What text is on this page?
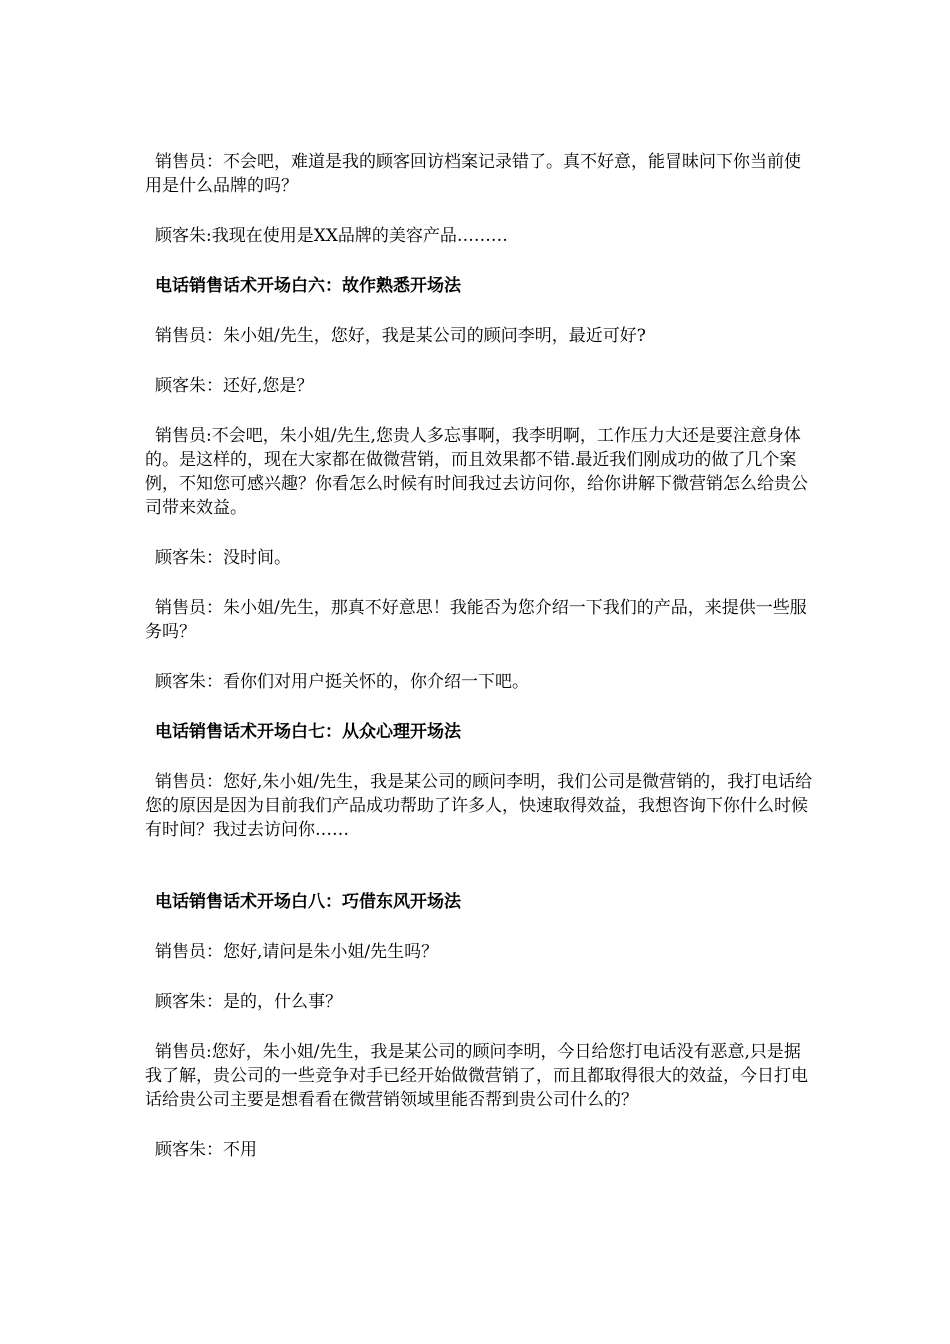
销售员：不会吧，难道是我的顾客回访档案记录错了。真不好意，能冒昧问下你当前使用是什么品牌的吗？

顾客朱:我现在使用是XX品牌的美容产品………

电话销售话术开场白六：故作熟悉开场法

销售员：朱小姐/先生，您好，我是某公司的顾问李明，最近可好?

顾客朱：还好,您是？

销售员:不会吧，朱小姐/先生,您贵人多忘事啊，我李明啊，工作压力大还是要注意身体的。是这样的，现在大家都在做微营销，而且效果都不错.最近我们刚成功的做了几个案例，不知您可感兴趣？你看怎么时候有时间我过去访问你，给你讲解下微营销怎么给贵公司带来效益。

顾客朱：没时间。

销售员：朱小姐/先生，那真不好意思！我能否为您介绍一下我们的产品，来提供一些服务吗？

顾客朱：看你们对用户挺关怀的，你介绍一下吧。

电话销售话术开场白七：从众心理开场法

销售员：您好,朱小姐/先生，我是某公司的顾问李明，我们公司是微营销的，我打电话给您的原因是因为目前我们产品成功帮助了许多人，快速取得效益，我想咨询下你什么时候有时间？我过去访问你……

电话销售话术开场白八：巧借东风开场法

销售员：您好,请问是朱小姐/先生吗？

顾客朱：是的，什么事？

销售员:您好，朱小姐/先生，我是某公司的顾问李明，今日给您打电话没有恶意,只是据我了解，贵公司的一些竞争对手已经开始做微营销了，而且都取得很大的效益，今日打电话给贵公司主要是想看看在微营销领域里能否帮到贵公司什么的？

顾客朱：不用
